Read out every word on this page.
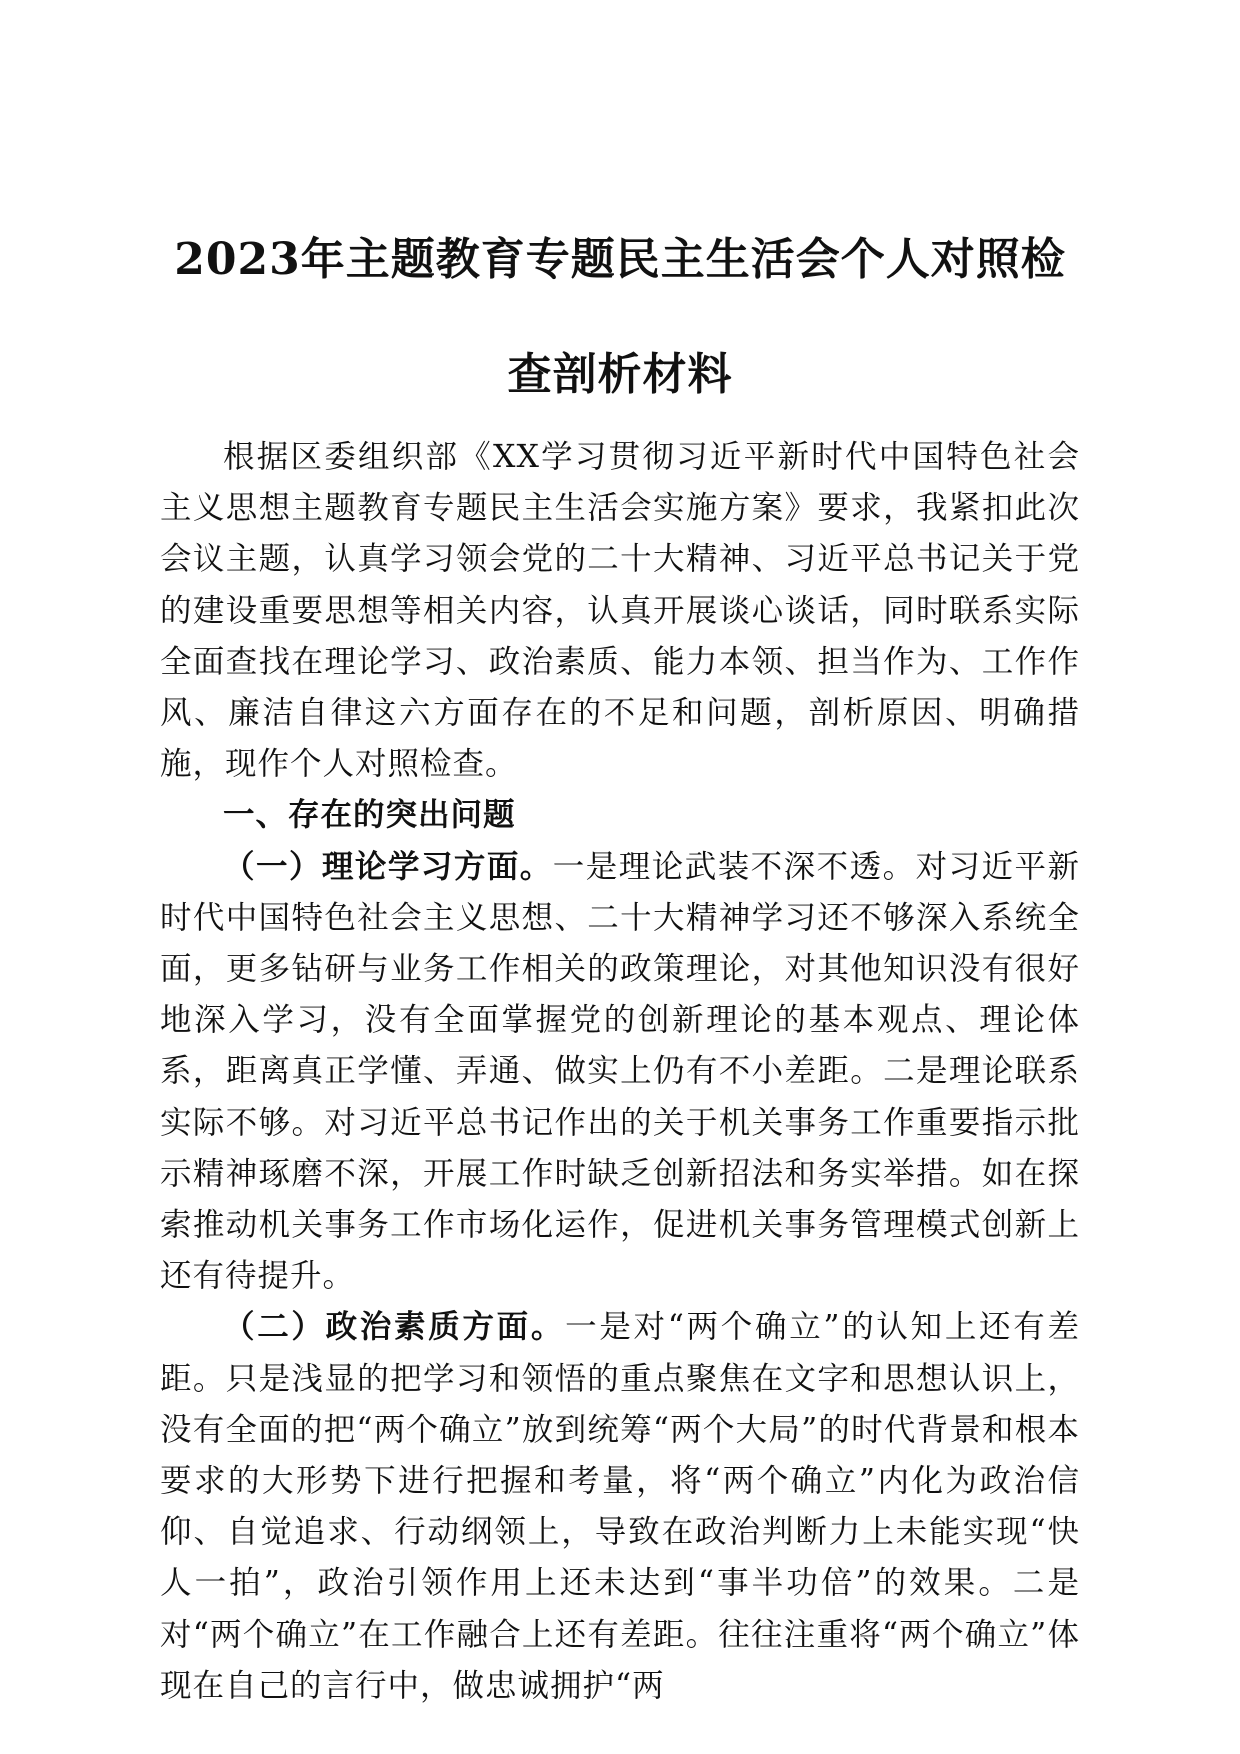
2023年主题教育专题民主生活会个人对照检
查剖析材料

根据区委组织部《XX学习贯彻习近平新时代中国特色社会主义思想主题教育专题民主生活会实施方案》要求，我紧扣此次会议主题，认真学习领会党的二十大精神、习近平总书记关于党的建设重要思想等相关内容，认真开展谈心谈话，同时联系实际全面查找在理论学习、政治素质、能力本领、担当作为、工作作风、廉洁自律这六方面存在的不足和问题，剖析原因、明确措施，现作个人对照检查。

一、存在的突出问题

（一）理论学习方面。一是理论武装不深不透。对习近平新时代中国特色社会主义思想、二十大精神学习还不够深入系统全面，更多钻研与业务工作相关的政策理论，对其他知识没有很好地深入学习，没有全面掌握党的创新理论的基本观点、理论体系，距离真正学懂、弄通、做实上仍有不小差距。二是理论联系实际不够。对习近平总书记作出的关于机关事务工作重要指示批示精神琢磨不深，开展工作时缺乏创新招法和务实举措。如在探索推动机关事务工作市场化运作，促进机关事务管理模式创新上还有待提升。

（二）政治素质方面。一是对“两个确立”的认知上还有差距。只是浅显的把学习和领悟的重点聚焦在文字和思想认识上，没有全面的把“两个确立”放到统筹“两个大局”的时代背景和根本要求的大形势下进行把握和考量，将“两个确立”内化为政治信仰、自觉追求、行动纲领上，导致在政治判断力上未能实现“快人一拍”，政治引领作用上还未达到“事半功倍”的效果。二是对“两个确立”在工作融合上还有差距。往往注重将“两个确立”体现在自己的言行中，做忠诚拥护“两
